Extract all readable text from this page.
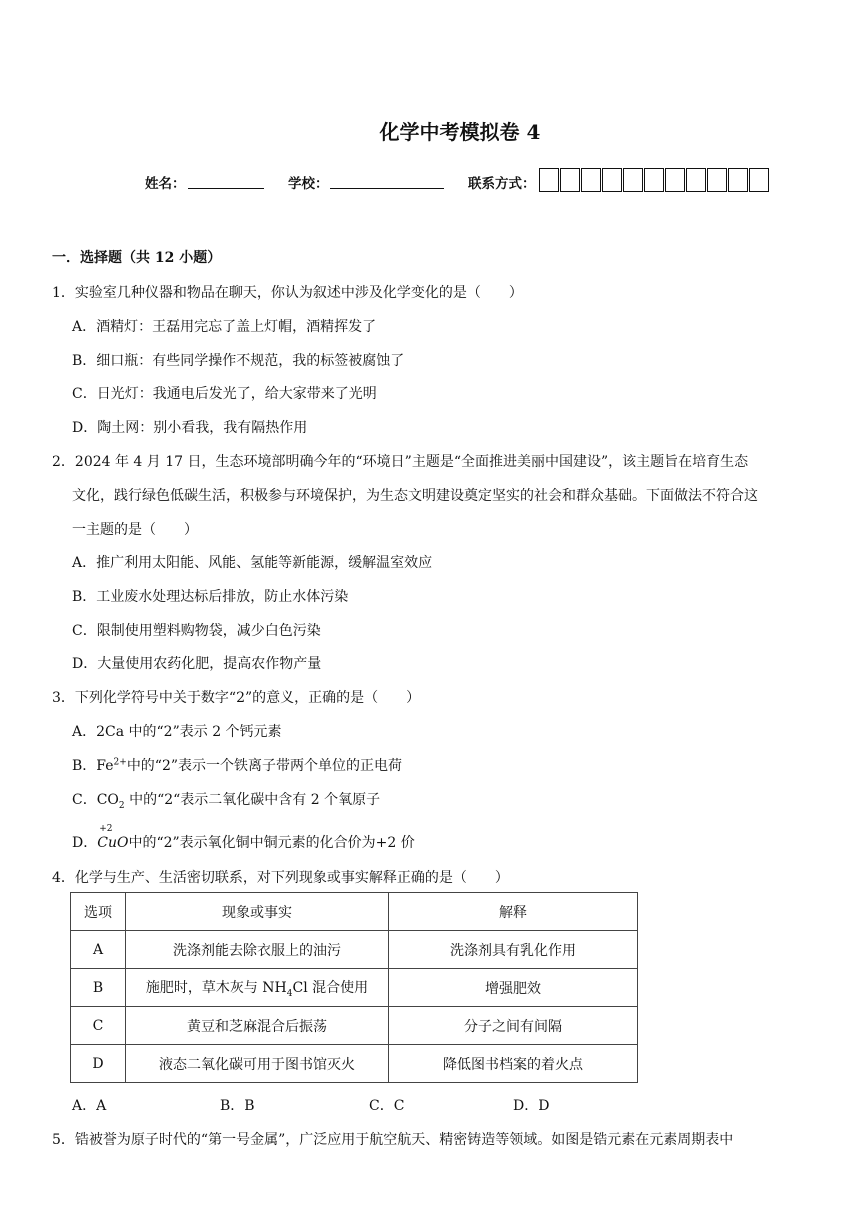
化学中考模拟卷 4
姓名：	学校：	联系方式：
一．选择题（共 12 小题）
1．实验室几种仪器和物品在聊天，你认为叙述中涉及化学变化的是（　　）
A．酒精灯：王磊用完忘了盖上灯帽，酒精挥发了
B．细口瓶：有些同学操作不规范，我的标签被腐蚀了
C．日光灯：我通电后发光了，给大家带来了光明
D．陶土网：别小看我，我有隔热作用
2．2024 年 4 月 17 日，生态环境部明确今年的“环境日”主题是“全面推进美丽中国建设”，该主题旨在培育生态
文化，践行绿色低碳生活，积极参与环境保护，为生态文明建设奠定坚实的社会和群众基础。下面做法不符合这
一主题的是（　　）
A．推广利用太阳能、风能、氢能等新能源，缓解温室效应
B．工业废水处理达标后排放，防止水体污染
C．限制使用塑料购物袋，减少白色污染
D．大量使用农药化肥，提高农作物产量
3．下列化学符号中关于数字“2”的意义，正确的是（　　）
A．2Ca 中的“2”表示 2 个钙元素
B．$Fe^{2+}$中的“2”表示一个铁离子带两个单位的正电荷
C．$CO_2$ 中的“2“表示二氧化碳中含有 2 个氧原子
D．
+2
CuO中的“2”表示氧化铜中铜元素的化合价为+2 价
4．化学与生产、生活密切联系，对下列现象或事实解释正确的是（　　）
选项	现象或事实	解释
A	洗涤剂能去除衣服上的油污	洗涤剂具有乳化作用
B	施肥时，草木灰与 $NH_4Cl$ 混合使用	增强肥效
C	黄豆和芝麻混合后振荡	分子之间有间隔
D	液态二氧化碳可用于图书馆灭火	降低图书档案的着火点
A．A	B．B	C．C	D．D
5．锆被誉为原子时代的“第一号金属”，广泛应用于航空航天、精密铸造等领域。如图是锆元素在元素周期表中
